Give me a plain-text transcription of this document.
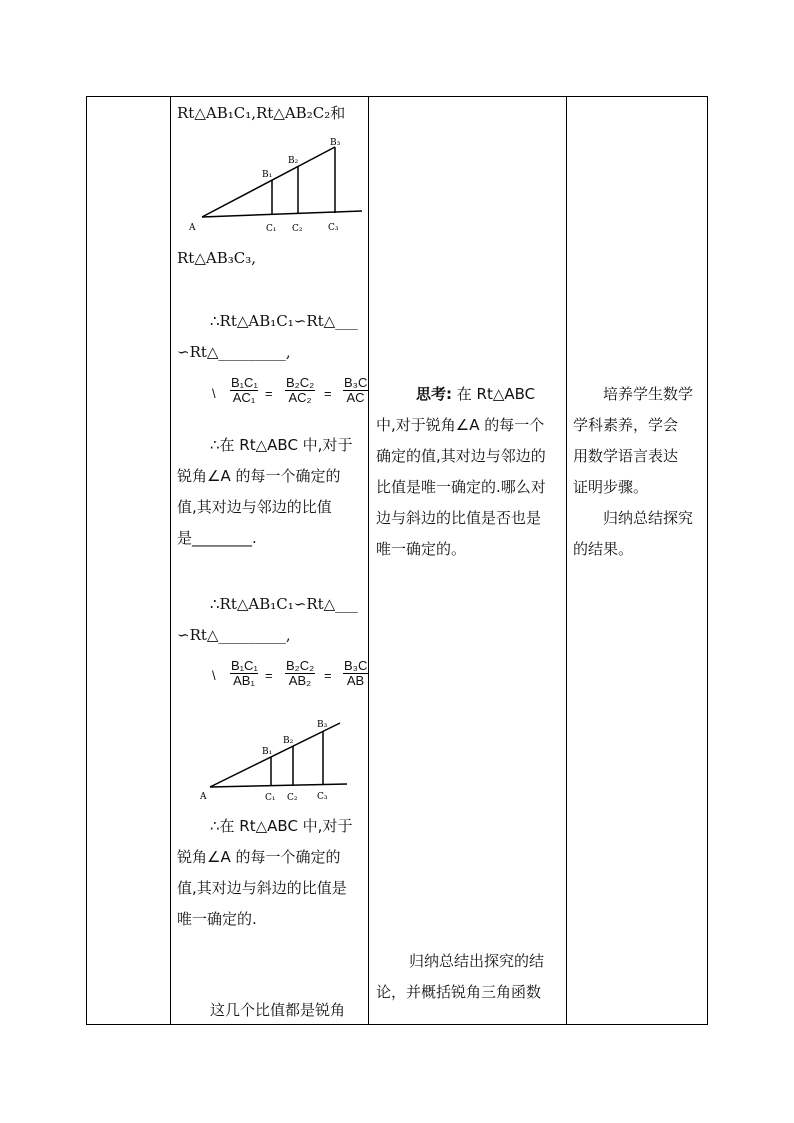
Rt△AB₁C₁,Rt△AB₂C₂和
A
B₁
B₂
B₃
C₁ C₂	C₃
Rt△AB₃C₃,
∴Rt△AB₁C₁∽Rt△___
∽Rt△_________,
\ $\frac{\text{B₁C₁}}{\text{AC₁}} = \frac{\text{B₂C₂}}{\text{AC₂}} = \frac{\text{B₃C}}{AC}$

∴在 Rt△ABC 中,对于

锐角∠A 的每一个确定的

值,其对边与邻边的比值

是________.

∴Rt△AB₁C₁∽Rt△___
∽Rt△_________,
\ $\frac{\text{B₁C₁}}{\text{AB₁}} = \frac{\text{B₂C₂}}{\text{AB₂}} = \frac{\text{B₃C}}{AB}$
A
B₁
B₂
B₃
C₁ C₂ C₃

∴在 Rt△ABC 中,对于

锐角∠A 的每一个确定的

值,其对边与斜边的比值是

唯一确定的.

这几个比值都是锐角

思考: 在 Rt△ABC

中,对于锐角∠A 的每一个

确定的值,其对边与邻边的

比值是唯一确定的.哪么对

边与斜边的比值是否也是

唯一确定的。

归纳总结出探究的结

论，并概括锐角三角函数

培养学生数学

学科素养，学会

用数学语言表达

证明步骤。

归纳总结探究

的结果。
